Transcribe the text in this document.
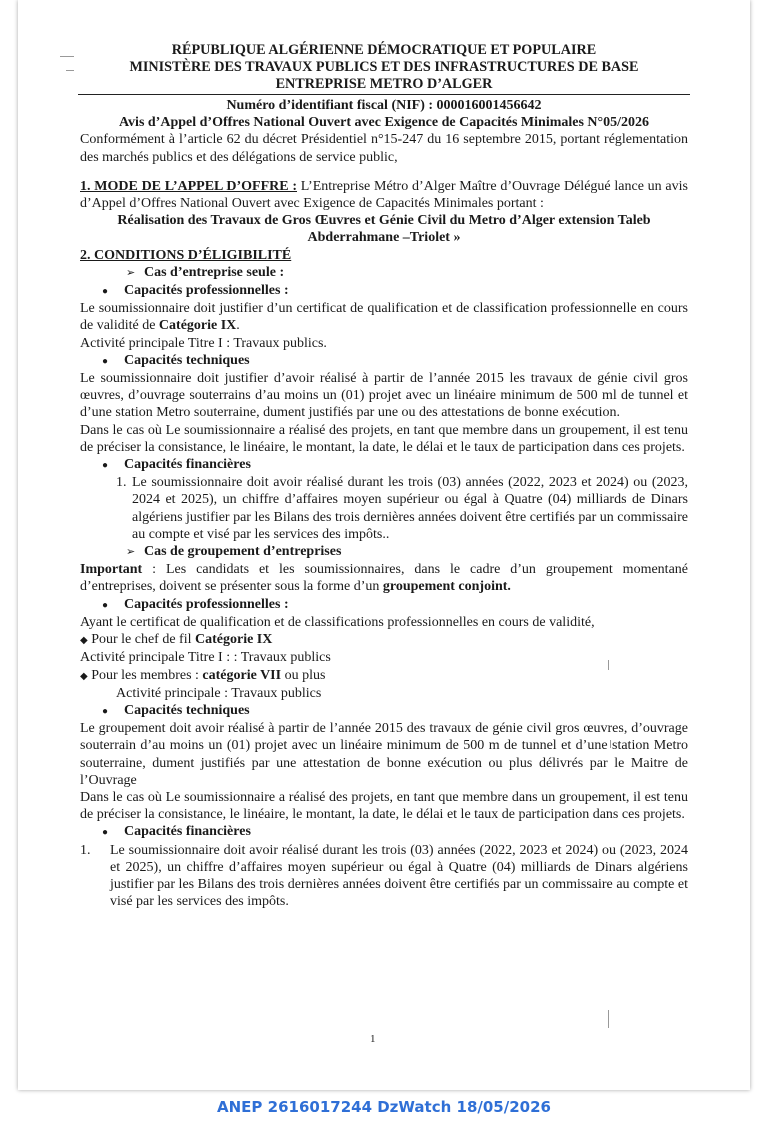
RÉPUBLIQUE ALGÉRIENNE DÉMOCRATIQUE ET POPULAIRE
MINISTÈRE DES TRAVAUX PUBLICS ET DES INFRASTRUCTURES DE BASE
ENTREPRISE METRO D’ALGER
Numéro d’identifiant fiscal (NIF) : 000016001456642
Avis d’Appel d’Offres National Ouvert avec Exigence de Capacités Minimales N°05/2026

Conformément à l’article 62 du décret Présidentiel n°15-247 du 16 septembre 2015, portant réglementation des marchés publics et des délégations de service public,

1. MODE DE L’APPEL D’OFFRE : L’Entreprise Métro d’Alger Maître d’Ouvrage Délégué lance un avis d’Appel d’Offres National Ouvert avec Exigence de Capacités Minimales portant :

Réalisation des Travaux de Gros Œuvres et Génie Civil du Metro d’Alger extension Taleb Abderrahmane –Triolet »
2. CONDITIONS D’ÉLIGIBILITÉ
➢ Cas d’entreprise seule :
● Capacités professionnelles :

Le soumissionnaire doit justifier d’un certificat de qualification et de classification professionnelle en cours de validité de Catégorie IX.

Activité principale Titre I : Travaux publics.

● Capacités techniques

Le soumissionnaire doit justifier d’avoir réalisé à partir de l’année 2015 les travaux de génie civil gros œuvres, d’ouvrage souterrains d’au moins un (01) projet avec un linéaire minimum de 500 ml de tunnel et d’une station Metro souterraine, dument justifiés par une ou des attestations de bonne exécution.

Dans le cas où Le soumissionnaire a réalisé des projets, en tant que membre dans un groupement, il est tenu de préciser la consistance, le linéaire, le montant, la date, le délai et le taux de participation dans ces projets.

● Capacités financières
1. Le soumissionnaire doit avoir réalisé durant les trois (03) années (2022, 2023 et 2024) ou (2023, 2024 et 2025), un chiffre d’affaires moyen supérieur ou égal à Quatre (04) milliards de Dinars algériens justifier par les Bilans des trois dernières années doivent être certifiés par un commissaire au compte et visé par les services des impôts..
➢ Cas de groupement d’entreprises

Important : Les candidats et les soumissionnaires, dans le cadre d’un groupement momentané d’entreprises, doivent se présenter sous la forme d’un groupement conjoint.

● Capacités professionnelles :

Ayant le certificat de qualification et de classifications professionnelles en cours de validité,

◆ Pour le chef de fil Catégorie IX

Activité principale Titre I : : Travaux publics

◆ Pour les membres : catégorie VII ou plus

Activité principale : Travaux publics

● Capacités techniques

Le groupement doit avoir réalisé à partir de l’année 2015 des travaux de génie civil gros œuvres, d’ouvrage souterrain d’au moins un (01) projet avec un linéaire minimum de 500 m de tunnel et d’une station Metro souterraine, dument justifiés par une attestation de bonne exécution ou plus délivrés par le Maitre de l’Ouvrage

Dans le cas où Le soumissionnaire a réalisé des projets, en tant que membre dans un groupement, il est tenu de préciser la consistance, le linéaire, le montant, la date, le délai et le taux de participation dans ces projets.

● Capacités financières
1.	Le soumissionnaire doit avoir réalisé durant les trois (03) années (2022, 2023 et 2024) ou (2023, 2024 et 2025), un chiffre d’affaires moyen supérieur ou égal à Quatre (04) milliards de Dinars algériens justifier par les Bilans des trois dernières années doivent être certifiés par un commissaire au compte et visé par les services des impôts.
1
ANEP 2616017244 DzWatch 18/05/2026
